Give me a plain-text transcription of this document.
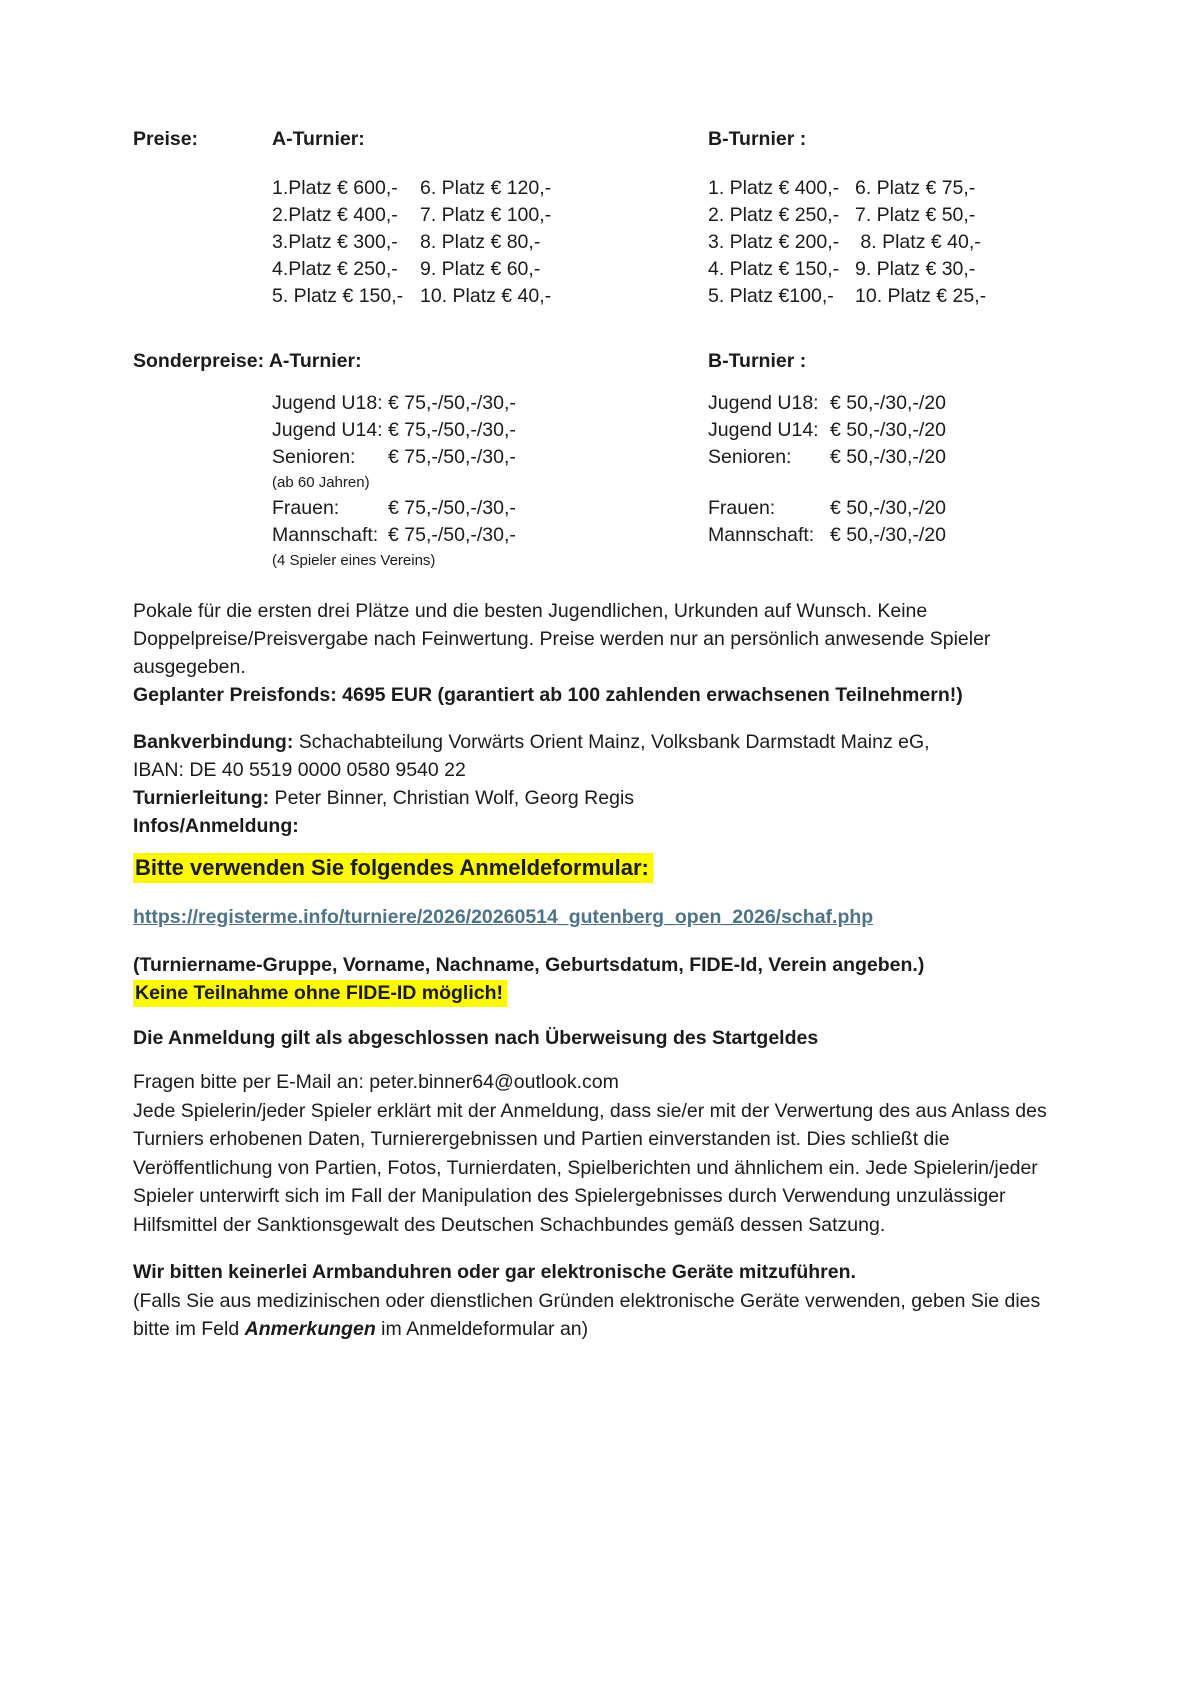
Preise:	A-Turnier:	B-Turnier :
1.Platz € 600,-	6. Platz € 120,-	1. Platz € 400,- 6. Platz € 75,-
2.Platz € 400,-	7. Platz € 100,-	2. Platz € 250,- 7. Platz € 50,-
3.Platz € 300,-	8. Platz € 80,-	3. Platz € 200,- 8. Platz € 40,-
4.Platz € 250,-	9. Platz € 60,-	4. Platz € 150,- 9. Platz € 30,-
5. Platz € 150,- 10. Platz € 40,-	5. Platz €100,-	10. Platz € 25,-
Sonderpreise: A-Turnier:	B-Turnier :
Jugend U18: € 75,-/50,-/30,-	Jugend U18: € 50,-/30,-/20
Jugend U14: € 75,-/50,-/30,-	Jugend U14: € 50,-/30,-/20
Senioren:	€ 75,-/50,-/30,-	Senioren:	€ 50,-/30,-/20
(ab 60 Jahren)
Frauen:	€ 75,-/50,-/30,-	Frauen:	€ 50,-/30,-/20
Mannschaft: € 75,-/50,-/30,-	Mannschaft: € 50,-/30,-/20
(4 Spieler eines Vereins)
Pokale für die ersten drei Plätze und die besten Jugendlichen, Urkunden auf Wunsch. Keine Doppelpreise/Preisvergabe nach Feinwertung. Preise werden nur an persönlich anwesende Spieler ausgegeben.
Geplanter Preisfonds: 4695 EUR (garantiert ab 100 zahlenden erwachsenen Teilnehmern!)
Bankverbindung: Schachabteilung Vorwärts Orient Mainz, Volksbank Darmstadt Mainz eG,
IBAN: DE 40 5519 0000 0580 9540 22
Turnierleitung: Peter Binner, Christian Wolf, Georg Regis
Infos/Anmeldung:
Bitte verwenden Sie folgendes Anmeldeformular:
https://registerme.info/turniere/2026/20260514_gutenberg_open_2026/schaf.php
(Turniername-Gruppe, Vorname, Nachname, Geburtsdatum, FIDE-Id, Verein angeben.)
Keine Teilnahme ohne FIDE-ID möglich!
Die Anmeldung gilt als abgeschlossen nach Überweisung des Startgeldes
Fragen bitte per E-Mail an: peter.binner64@outlook.com
Jede Spielerin/jeder Spieler erklärt mit der Anmeldung, dass sie/er mit der Verwertung des aus Anlass des Turniers erhobenen Daten, Turnierergebnissen und Partien einverstanden ist. Dies schließt die Veröffentlichung von Partien, Fotos, Turnierdaten, Spielberichten und ähnlichem ein. Jede Spielerin/jeder Spieler unterwirft sich im Fall der Manipulation des Spielergebnisses durch Verwendung unzulässiger Hilfsmittel der Sanktionsgewalt des Deutschen Schachbundes gemäß dessen Satzung.
Wir bitten keinerlei Armbanduhren oder gar elektronische Geräte mitzuführen.
(Falls Sie aus medizinischen oder dienstlichen Gründen elektronische Geräte verwenden, geben Sie dies bitte im Feld Anmerkungen im Anmeldeformular an)
